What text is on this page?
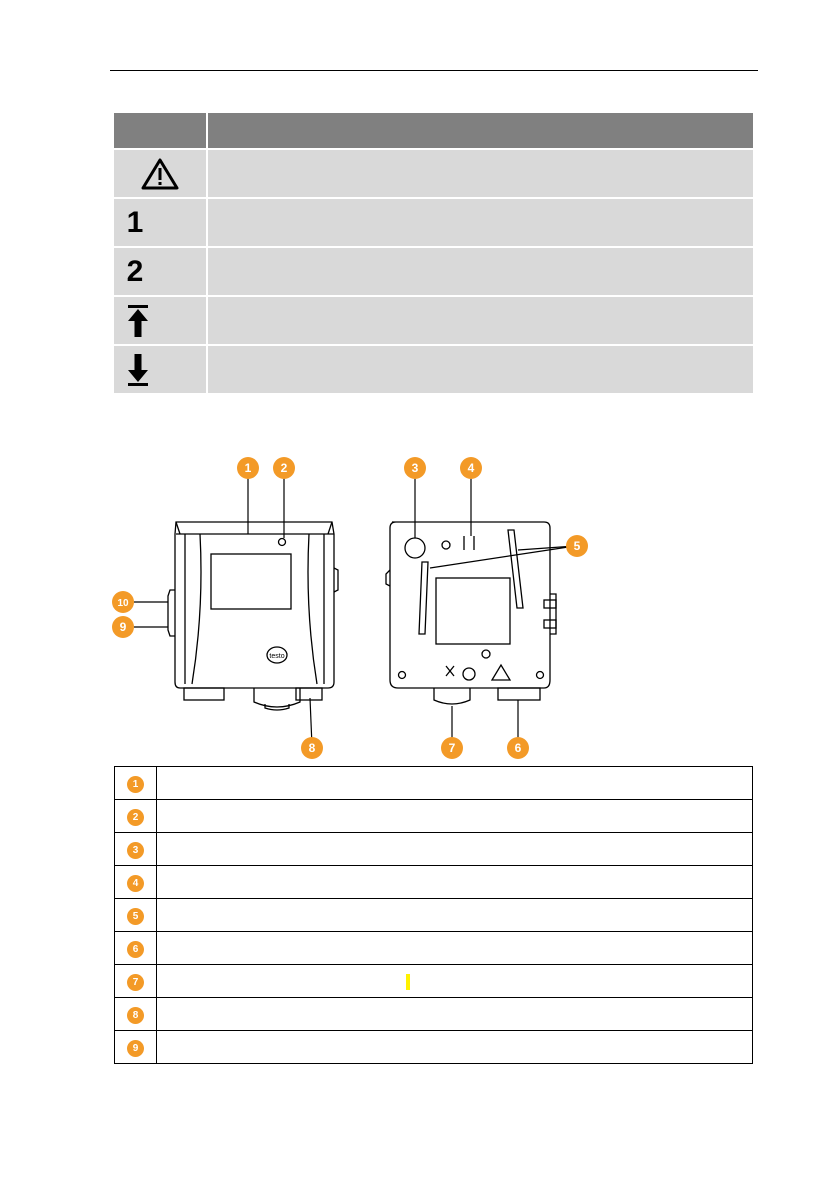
1
2
testo
1 2	3	4
5
6
7
8
9
10
1	
2	
3	
4	
5	
6	
7	
8	
9	
